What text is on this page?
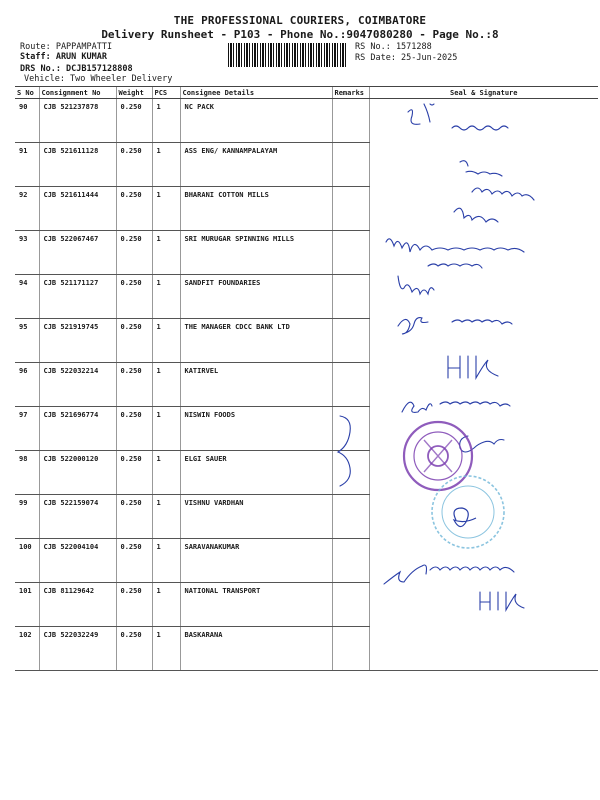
THE PROFESSIONAL COURIERS, COIMBATORE
Delivery Runsheet - P103 - Phone No.:9047080280 - Page No.:8
Route: PAPPAMPATTI
Staff: ARUN KUMAR
DRS No.: DCJB157128808
Vehicle: Two Wheeler Delivery
RS No.: 1571288
RS Date: 25-Jun-2025
S No	Consignment No	Weight	PCS	Consignee Details	Remarks	Seal & Signature
90	CJB 521237878	0.250	1	NC PACK		
91	CJB 521611128	0.250	1	ASS ENG/ KANNAMPALAYAM		
92	CJB 521611444	0.250	1	BHARANI COTTON MILLS		
93	CJB 522067467	0.250	1	SRI MURUGAR SPINNING MILLS		
94	CJB 521171127	0.250	1	SANDFIT FOUNDARIES		
95	CJB 521919745	0.250	1	THE MANAGER CDCC BANK LTD		
96	CJB 522032214	0.250	1	KATIRVEL		
97	CJB 521696774	0.250	1	NISWIN FOODS		
98	CJB 522000120	0.250	1	ELGI SAUER		
99	CJB 522159074	0.250	1	VISHNU VARDHAN		
100	CJB 522004104	0.250	1	SARAVANAKUMAR		
101	CJB 81129642	0.250	1	NATIONAL TRANSPORT		
102	CJB 522032249	0.250	1	BASKARANA		
